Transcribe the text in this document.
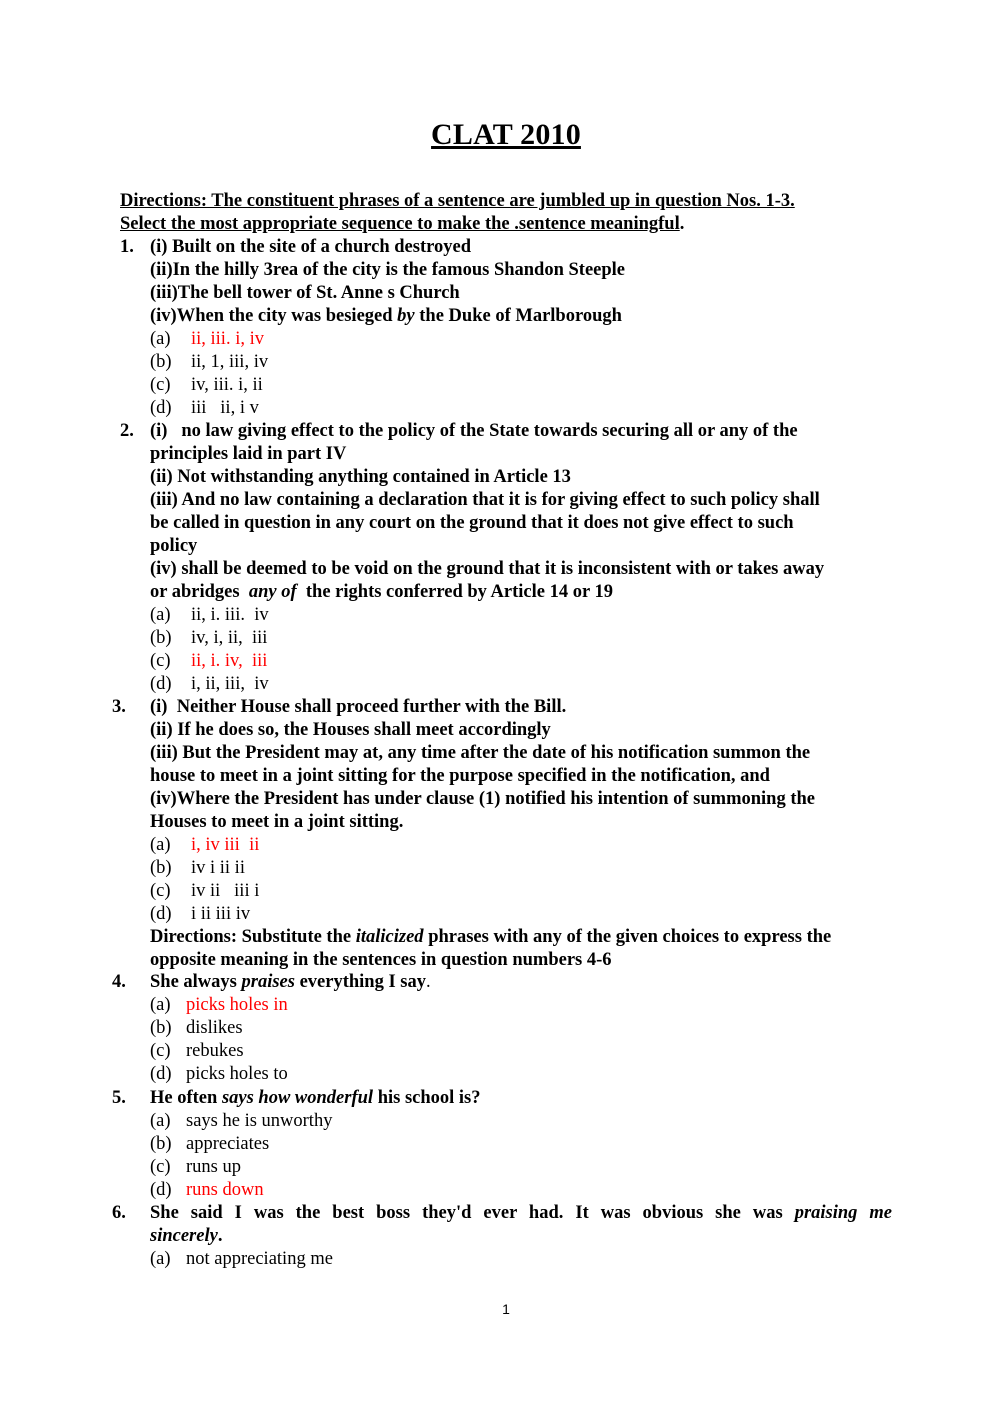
CLAT 2010
Directions: The constituent phrases of a sentence are jumbled up in question Nos. 1-3.
Select the most appropriate sequence to make the .sentence meaningful.
1. (i) Built on the site of a church destroyed
(ii)In the hilly 3rea of the city is the famous Shandon Steeple
(iii)The bell tower of St. Anne s Church
(iv)When the city was besieged by the Duke of Marlborough
(a) ii, iii. i, iv
(b) ii, 1, iii, iv
(c) iv, iii. i, ii
(d) iii   ii, i v
2. (i)   no law giving effect to the policy of the State towards securing all or any of the
principles laid in part IV
(ii) Not withstanding anything contained in Article 13
(iii) And no law containing a declaration that it is for giving effect to such policy shall
be called in question in any court on the ground that it does not give effect to such
policy
(iv) shall be deemed to be void on the ground that it is inconsistent with or takes away
or abridges  any of  the rights conferred by Article 14 or 19
(a) ii, i. iii.  iv
(b) iv, i, ii,  iii
(c) ii, i. iv,  iii
(d) i, ii, iii,  iv
3.	(i)  Neither House shall proceed further with the Bill.
(ii) If he does so, the Houses shall meet accordingly
(iii) But the President may at, any time after the date of his notification summon the
house to meet in a joint sitting for the purpose specified in the notification, and
(iv)Where the President has under clause (1) notified his intention of summoning the
Houses to meet in a joint sitting.
(a) i, iv iii  ii
(b) iv i ii ii
(c) iv ii   iii i
(d) i ii iii iv
Directions: Substitute the italicized phrases with any of the given choices to express the
opposite meaning in the sentences in question numbers 4-6
4.	She always praises everything I say.
(a) picks holes in
(b) dislikes
(c) rebukes
(d) picks holes to
5.	He often says how wonderful his school is?
(a) says he is unworthy
(b) appreciates
(c) runs up
(d) runs down
6.	She said I was the best boss they'd ever had. It was obvious she was praising me
sincerely.
(a) not appreciating me
1
